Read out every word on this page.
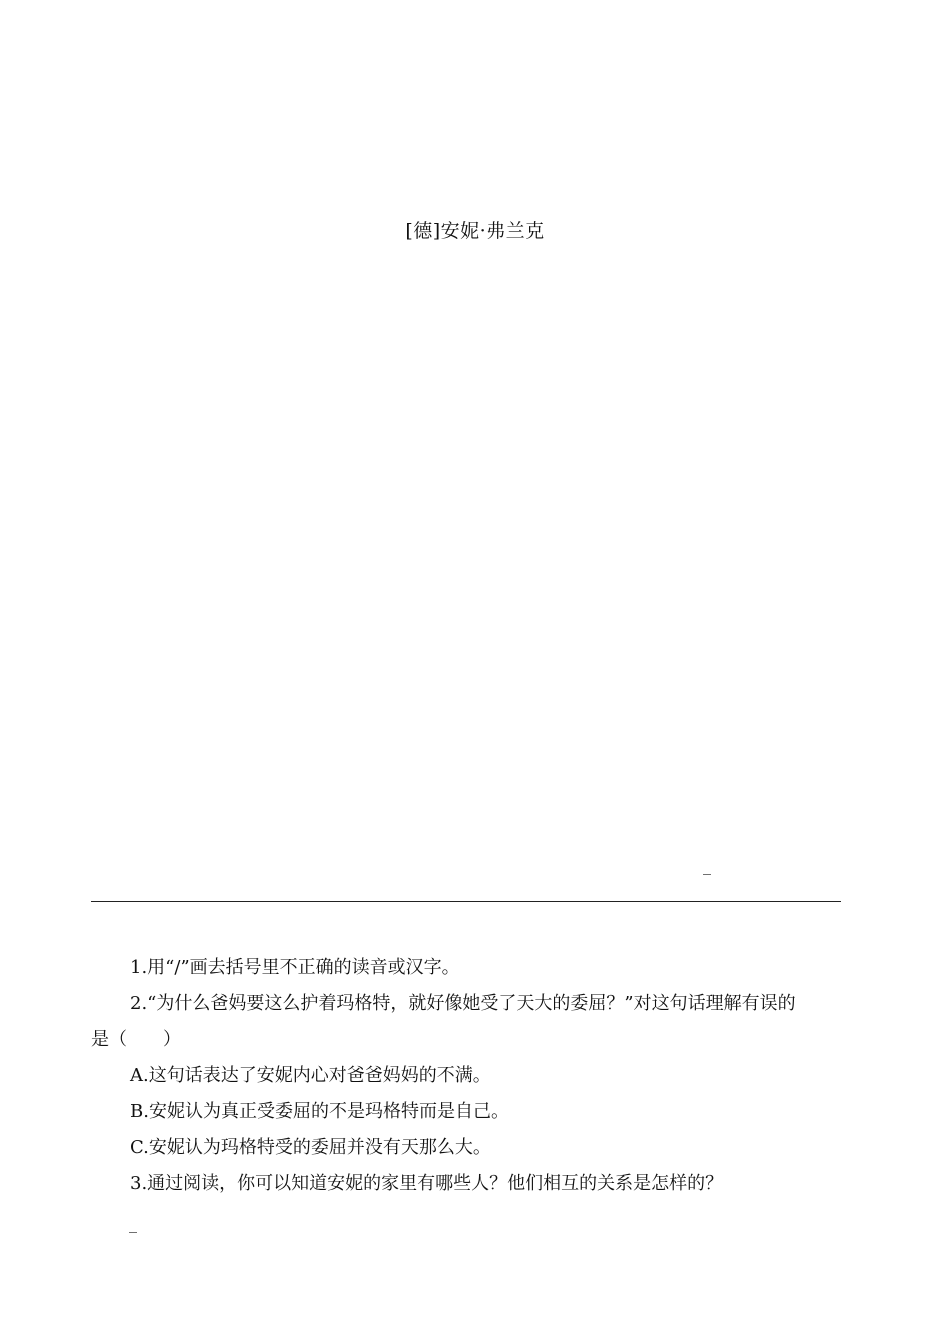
[德]安妮·弗兰克
_

1.用“/”画去括号里不正确的读音或汉字。

2.“为什么爸妈要这么护着玛格特，就好像她受了天大的委屈？”对这句话理解有误的

是（　　）

A.这句话表达了安妮内心对爸爸妈妈的不满。

B.安妮认为真正受委屈的不是玛格特而是自己。

C.安妮认为玛格特受的委屈并没有天那么大。

3.通过阅读，你可以知道安妮的家里有哪些人？他们相互的关系是怎样的？

_
